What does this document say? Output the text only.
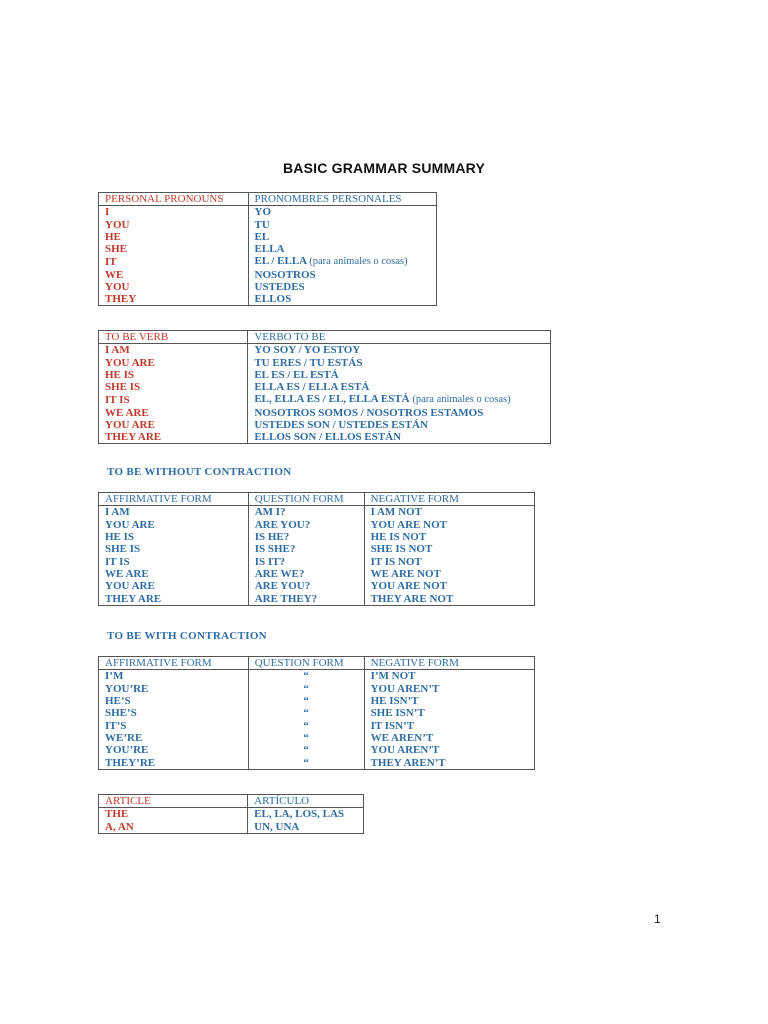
BASIC GRAMMAR SUMMARY
PERSONAL PRONOUNS	PRONOMBRES PERSONALES
I	YO
YOU	TU
HE	EL
SHE	ELLA
IT	EL / ELLA (para animales o cosas)
WE	NOSOTROS
YOU	USTEDES
THEY	ELLOS
TO BE VERB	VERBO TO BE
I AM	YO SOY / YO ESTOY
YOU ARE	TU ERES / TU ESTÁS
HE IS	EL ES / EL ESTÁ
SHE IS	ELLA ES / ELLA ESTÁ
IT IS	EL, ELLA ES / EL, ELLA ESTÁ (para animales o cosas)
WE ARE	NOSOTROS SOMOS / NOSOTROS ESTAMOS
YOU ARE	USTEDES SON / USTEDES ESTÁN
THEY ARE	ELLOS SON / ELLOS ESTÁN
TO BE WITHOUT CONTRACTION
AFFIRMATIVE FORM	QUESTION FORM	NEGATIVE FORM
I AM	AM I?	I AM NOT
YOU ARE	ARE YOU?	YOU ARE NOT
HE IS	IS HE?	HE IS NOT
SHE IS	IS SHE?	SHE IS NOT
IT IS	IS IT?	IT IS NOT
WE ARE	ARE WE?	WE ARE NOT
YOU ARE	ARE YOU?	YOU ARE NOT
THEY ARE	ARE THEY?	THEY ARE NOT
TO BE WITH CONTRACTION
AFFIRMATIVE FORM	QUESTION FORM	NEGATIVE FORM
I’M	“	I’M NOT
YOU’RE	“	YOU AREN’T
HE’S	“	HE ISN’T
SHE’S	“	SHE ISN’T
IT’S	“	IT ISN’T
WE’RE	“	WE AREN’T
YOU’RE	“	YOU AREN’T
THEY’RE	“	THEY AREN’T
ARTICLE	ARTÍCULO
THE	EL, LA, LOS, LAS
A, AN	UN, UNA
1
